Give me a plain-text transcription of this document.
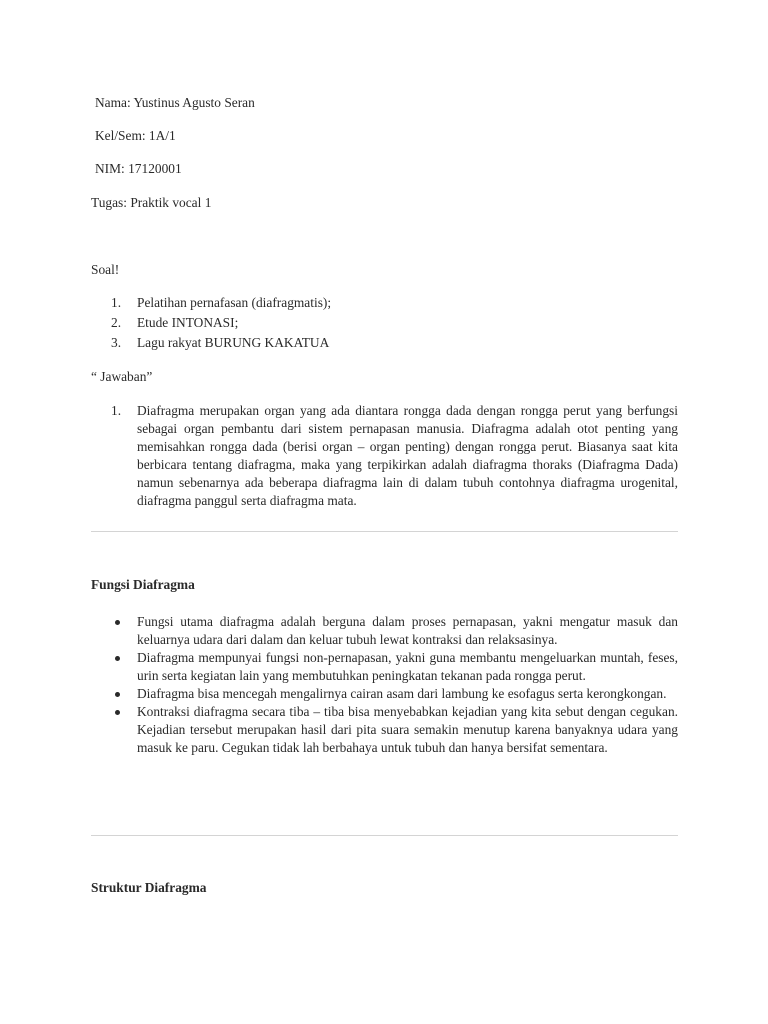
Nama: Yustinus Agusto Seran
Kel/Sem: 1A/1
NIM: 17120001
Tugas: Praktik vocal 1
Soal!
1. Pelatihan pernafasan (diafragmatis);
2. Etude INTONASI;
3. Lagu rakyat BURUNG KAKATUA
“ Jawaban”
1. Diafragma merupakan organ yang ada diantara rongga dada dengan rongga perut yang berfungsi sebagai organ pembantu dari sistem pernapasan manusia. Diafragma adalah otot penting yang memisahkan rongga dada (berisi organ – organ penting) dengan rongga perut. Biasanya saat kita berbicara tentang diafragma, maka yang terpikirkan adalah diafragma thoraks (Diafragma Dada) namun sebenarnya ada beberapa diafragma lain di dalam tubuh contohnya diafragma urogenital, diafragma panggul serta diafragma mata.
Fungsi Diafragma
Fungsi utama diafragma adalah berguna dalam proses pernapasan, yakni mengatur masuk dan keluarnya udara dari dalam dan keluar tubuh lewat kontraksi dan relaksasinya.
Diafragma mempunyai fungsi non-pernapasan, yakni guna membantu mengeluarkan muntah, feses, urin serta kegiatan lain yang membutuhkan peningkatan tekanan pada rongga perut.
Diafragma bisa mencegah mengalirnya cairan asam dari lambung ke esofagus serta kerongkongan.
Kontraksi diafragma secara tiba – tiba bisa menyebabkan kejadian yang kita sebut dengan cegukan. Kejadian tersebut merupakan hasil dari pita suara semakin menutup karena banyaknya udara yang masuk ke paru. Cegukan tidak lah berbahaya untuk tubuh dan hanya bersifat sementara.
Struktur Diafragma
